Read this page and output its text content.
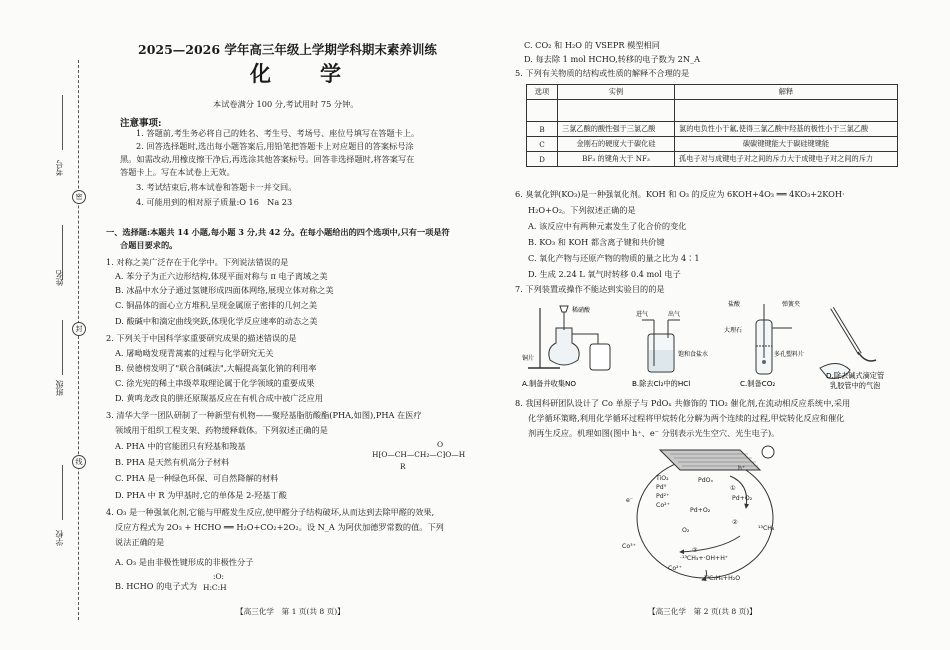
考号
姓名
班级
学校
密
封
线
2025—2026 学年高三年级上学期学科期末素养训练
化　学
本试卷满分 100 分,考试用时 75 分钟。
注意事项:
1. 答题前,考生务必将自己的姓名、考生号、考场号、座位号填写在答题卡上。
2. 回答选择题时,选出每小题答案后,用铅笔把答题卡上对应题目的答案标号涂
黑。如需改动,用橡皮擦干净后,再选涂其他答案标号。回答非选择题时,将答案写在
答题卡上。写在本试卷上无效。
3. 考试结束后,将本试卷和答题卡一并交回。
4. 可能用到的相对原子质量:O 16　Na 23
一、选择题:本题共 14 小题,每小题 3 分,共 42 分。在每小题给出的四个选项中,只有一项是符
合题目要求的。
1. 对称之美广泛存在于化学中。下列说法错误的是
A. 苯分子为正六边形结构,体现平面对称与 π 电子离域之美
B. 冰晶中水分子通过氢键形成四面体网络,展现立体对称之美
C. 铜晶体的面心立方堆积,呈现金属原子密排的几何之美
D. 酸碱中和滴定曲线突跃,体现化学反应速率的动态之美
2. 下列关于中国科学家重要研究成果的描述错误的是
A. 屠呦呦发现青蒿素的过程与化学研究无关
B. 侯德榜发明了"联合制碱法",大幅提高氯化钠的利用率
C. 徐光宪的稀土串级萃取理论属于化学领域的重要成果
D. 黄鸣龙改良的肼还原羰基反应在有机合成中被广泛应用
3. 清华大学一团队研制了一种新型有机物——聚羟基脂肪酸酯(PHA,如图),PHA 在医疗
领域用于组织工程支架、药物缓释载体。下列叙述正确的是
A. PHA 中的官能团只有羟基和羧基
B. PHA 是天然有机高分子材料
C. PHA 是一种绿色环保、可自然降解的材料
D. PHA 中 R 为甲基时,它的单体是 2-羟基丁酸
H⁅O—CH—CH₂—C⁆O—H
R
O
4. O₃ 是一种强氧化剂,它能与甲醛发生反应,使甲醛分子结构破坏,从而达到去除甲醛的效果,
反应方程式为 2O₃ + HCHO ══ H₂O+CO₂+2O₂。设 N_A 为阿伏加德罗常数的值。下列
说法正确的是
A. O₃ 是由非极性键形成的非极性分子
B. HCHO 的电子式为
:O:
H:C:H
【高三化学　第 1 页(共 8 页)】
C. CO₂ 和 H₂O 的 VSEPR 模型相同
D. 每去除 1 mol HCHO,转移的电子数为 2N_A
5. 下列有关物质的结构或性质的解释不合理的是
选项	实例	解释

B	三氯乙酸的酸性强于三氯乙酸	氯的电负性小于氟,使得三氯乙酸中羟基的极性小于三氯乙酸
C	金刚石的硬度大于碳化硅	碳碳键键能大于碳硅键键能
D	BF₃ 的键角大于 NF₃	孤电子对与成键电子对之间的斥力大于成键电子对之间的斥力
6. 臭氧化钾(KO₃)是一种强氧化剂。KOH 和 O₃ 的反应为 6KOH+4O₃ ══ 4KO₃+2KOH·
H₂O+O₂。下列叙述正确的是
A. 该反应中有两种元素发生了化合价的变化
B. KO₃ 和 KOH 都含离子键和共价键
C. 氧化产物与还原产物的物质的量之比为 4∶1
D. 生成 2.24 L 氧气时转移 0.4 mol 电子
7. 下列装置或操作不能达到实验目的的是
稀硝酸
铜片
进气	出气
饱和食盐水
盐酸	弹簧夹
大理石
多孔塑料片
A.制备并收集NO	B.除去Cl₂中的HCl	C.制备CO₂
D.除去碱式滴定管
乳胶管中的气泡
8. 我国科研团队设计了 Co 单原子与 PdOₓ 共修饰的 TiO₂ 催化剂,在流动相反应系统中,采用
化学循环策略,利用化学循环过程将甲烷转化分解为两个连续的过程,甲烷转化反应和催化
剂再生反应。机理如图(图中 h⁺、e⁻ 分别表示光生空穴、光生电子)。
TiO₂
Pd°
Pd²⁺
Co²⁺
PdOₓ
h⁺
e⁻
①
Pd+O₂
Pd+O₂
②
¹³CH₄
③
O₂
Co³⁺
Co²⁺
·¹³CH₃+·OH+H⁺
¹³C₂H₆+H₂O
【高三化学　第 2 页(共 8 页)】
